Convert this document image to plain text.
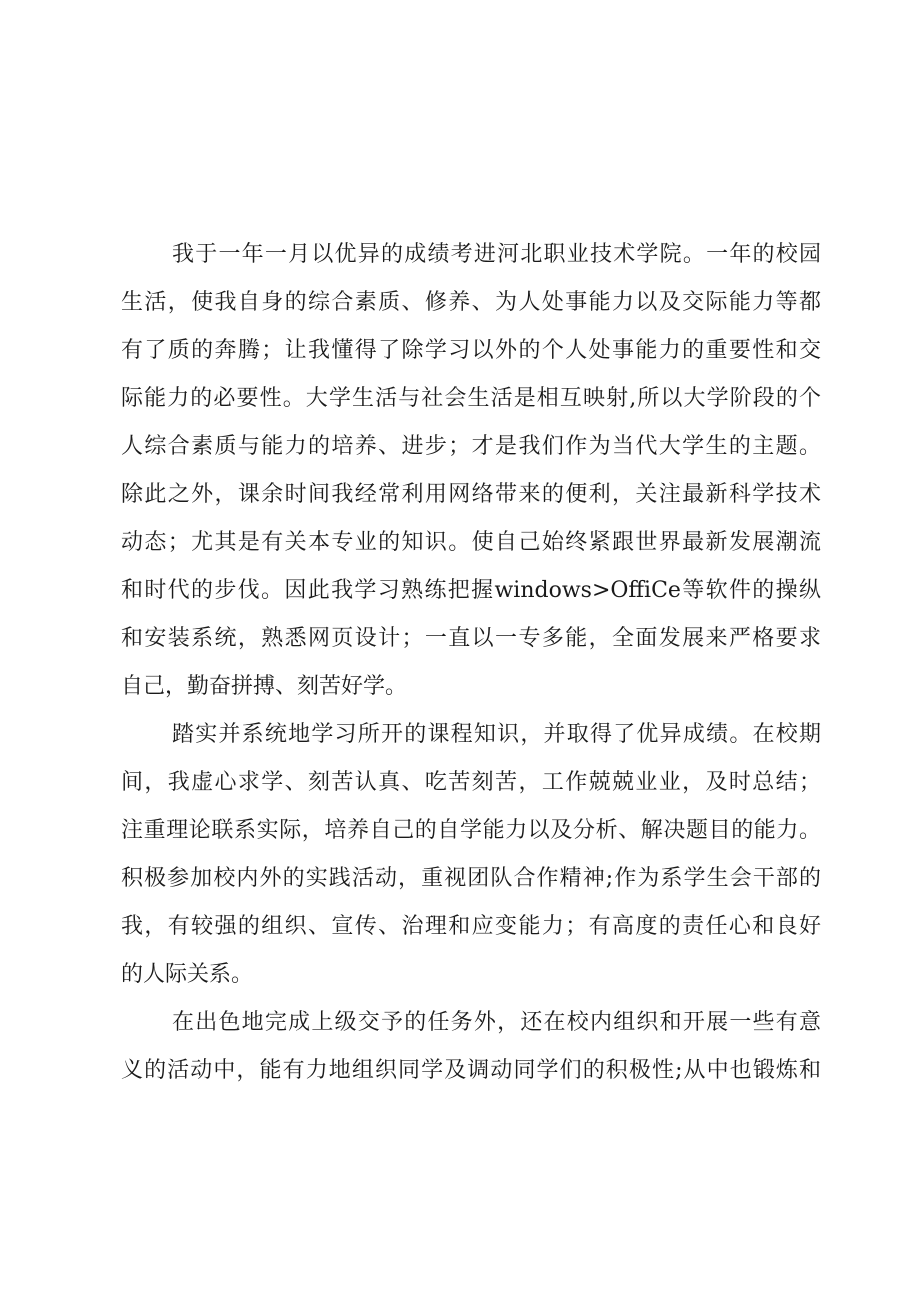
我于一年一月以优异的成绩考进河北职业技术学院。一年的校园

生活，使我自身的综合素质、修养、为人处事能力以及交际能力等都

有了质的奔腾；让我懂得了除学习以外的个人处事能力的重要性和交

际能力的必要性。大学生活与社会生活是相互映射,所以大学阶段的个

人综合素质与能力的培养、进步；才是我们作为当代大学生的主题。

除此之外，课余时间我经常利用网络带来的便利，关注最新科学技术

动态；尤其是有关本专业的知识。使自己始终紧跟世界最新发展潮流

和时代的步伐。因此我学习熟练把握windows>OffiCe等软件的操纵

和安装系统，熟悉网页设计；一直以一专多能，全面发展来严格要求

自己，勤奋拼搏、刻苦好学。

踏实并系统地学习所开的课程知识，并取得了优异成绩。在校期

间，我虚心求学、刻苦认真、吃苦刻苦，工作兢兢业业，及时总结；

注重理论联系实际，培养自己的自学能力以及分析、解决题目的能力。

积极参加校内外的实践活动，重视团队合作精神;作为系学生会干部的

我，有较强的组织、宣传、治理和应变能力；有高度的责任心和良好

的人际关系。

在出色地完成上级交予的任务外，还在校内组织和开展一些有意

义的活动中，能有力地组织同学及调动同学们的积极性;从中也锻炼和
